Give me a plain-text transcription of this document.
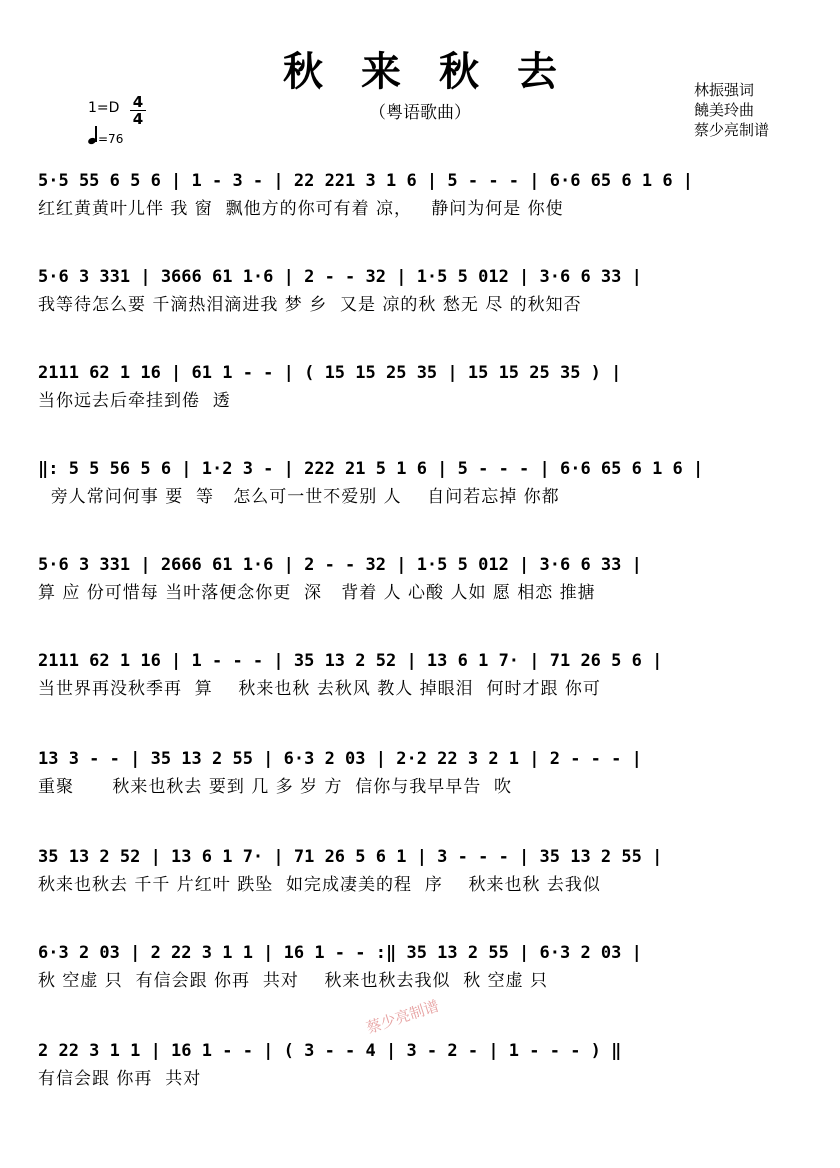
秋来秋去
（粤语歌曲）
1=D 4
4
=76
林振强词
饒美玲曲
蔡少亮制谱
5·5 55 6 5 6 | 1 - 3 - | 22 221 3 1 6 | 5 - - - | 6·6 65 6 1 6 |
红红黄黄叶儿伴 我 窗  飘他方的你可有着 凉，   静问为何是 你使
5·6 3 331 | 3666 61 1·6 | 2 - - 32 | 1·5 5 012 | 3·6 6 33 |
我等待怎么要 千滴热泪滴进我 梦 乡  又是 凉的秋 愁无 尽 的秋知否
2111 62 1 16 | 61 1 - - | ( 15 15 25 35 | 15 15 25 35 ) |
当你远去后牵挂到倦  透
‖: 5 5 56 5 6 | 1·2 3 - | 222 21 5 1 6 | 5 - - - | 6·6 65 6 1 6 |
旁人常问何事 要  等   怎么可一世不爱别 人    自问若忘掉 你都
5·6 3 331 | 2666 61 1·6 | 2 - - 32 | 1·5 5 012 | 3·6 6 33 |
算 应 份可惜每 当叶落便念你更  深   背着 人 心酸 人如 愿 相恋 推搪
2111 62 1 16 | 1 - - - | 35 13 2 52 | 13 6 1 7· | 71 26 5 6 |
当世界再没秋季再  算    秋来也秋 去秋风 教人 掉眼泪  何时才跟 你可
13 3 - - | 35 13 2 55 | 6·3 2 03 | 2·2 22 3 2 1 | 2 - - - |
重聚      秋来也秋去 要到 几 多 岁 方  信你与我早早告  吹
35 13 2 52 | 13 6 1 7· | 71 26 5 6 1 | 3 - - - | 35 13 2 55 |
秋来也秋去 千千 片红叶 跌坠  如完成凄美的程  序    秋来也秋 去我似
6·3 2 03 | 2 22 3 1 1 | 16 1 - - :‖ 35 13 2 55 | 6·3 2 03 |
秋 空虚 只  有信会跟 你再  共对    秋来也秋去我似  秋 空虚 只
2 22 3 1 1 | 16 1 - - | ( 3 - - 4 | 3 - 2 - | 1 - - - ) ‖
有信会跟 你再  共对
蔡少亮制谱
